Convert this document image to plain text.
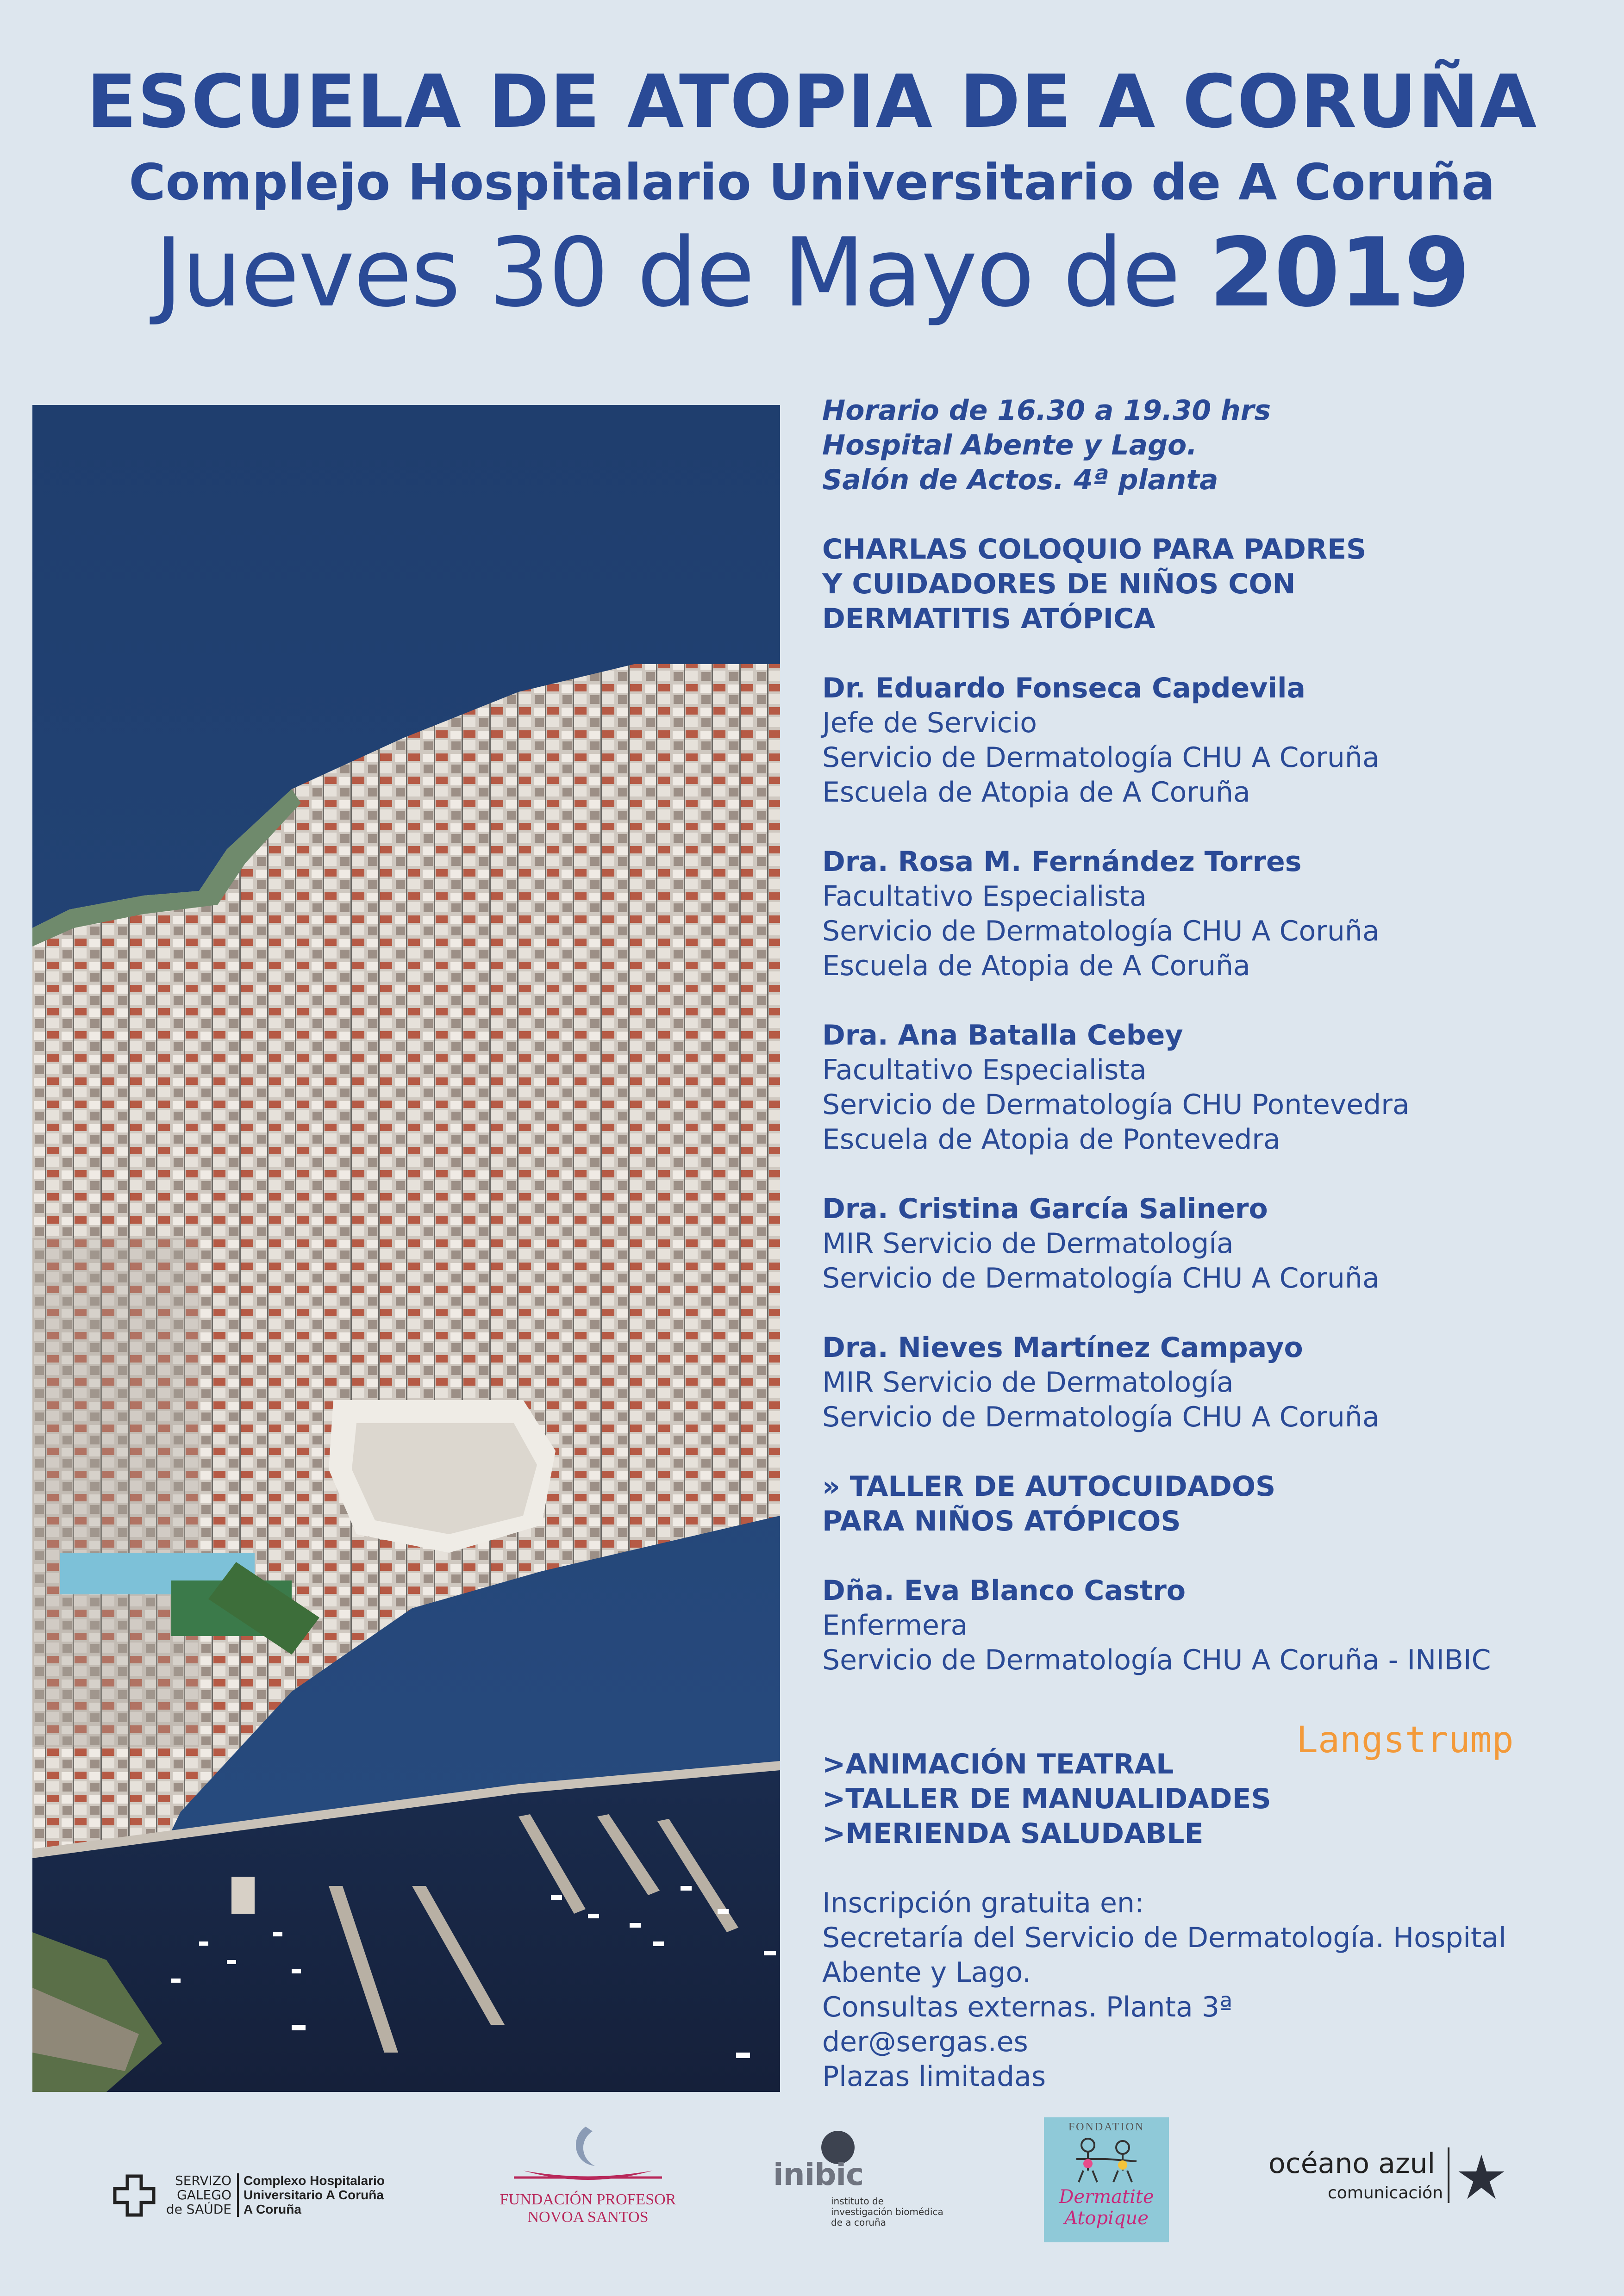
ESCUELA DE ATOPIA DE A CORUÑA

Complejo Hospitalario Universitario de A Coruña

Jueves 30 de Mayo de 2019

Horario de 16.30 a 19.30 hrs

Hospital Abente y Lago.

Salón de Actos. 4ª planta

CHARLAS COLOQUIO PARA PADRES

Y CUIDADORES DE NIÑOS CON

DERMATITIS ATÓPICA

Dr. Eduardo Fonseca Capdevila

Jefe de Servicio

Servicio de Dermatología CHU A Coruña

Escuela de Atopia de A Coruña

Dra. Rosa M. Fernández Torres

Facultativo Especialista

Servicio de Dermatología CHU A Coruña

Escuela de Atopia de A Coruña

Dra. Ana Batalla Cebey

Facultativo Especialista

Servicio de Dermatología CHU Pontevedra

Escuela de Atopia de Pontevedra

Dra. Cristina García Salinero

MIR Servicio de Dermatología

Servicio de Dermatología CHU A Coruña

Dra. Nieves Martínez Campayo

MIR Servicio de Dermatología

Servicio de Dermatología CHU A Coruña

» TALLER DE AUTOCUIDADOS

PARA NIÑOS ATÓPICOS

Dña. Eva Blanco Castro

Enfermera

Servicio de Dermatología CHU A Coruña - INIBIC

>ANIMACIÓN TEATRAL

>TALLER DE MANUALIDADES

>MERIENDA SALUDABLE

Inscripción gratuita en:

Secretaría del Servicio de Dermatología. Hospital

Abente y Lago.

Consultas externas. Planta 3ª

der@sergas.es

Plazas limitadas

Langstrump
SERVIZO
GALEGO
de SAÚDE
Complexo Hospitalario
Universitario A Coruña
A Coruña
FUNDACIÓN PROFESOR
NOVOA SANTOS
inibic
instituto de
investigación biomédica
de a coruña
FONDATION
Dermatite
Atopique
océano azul
comunicación
